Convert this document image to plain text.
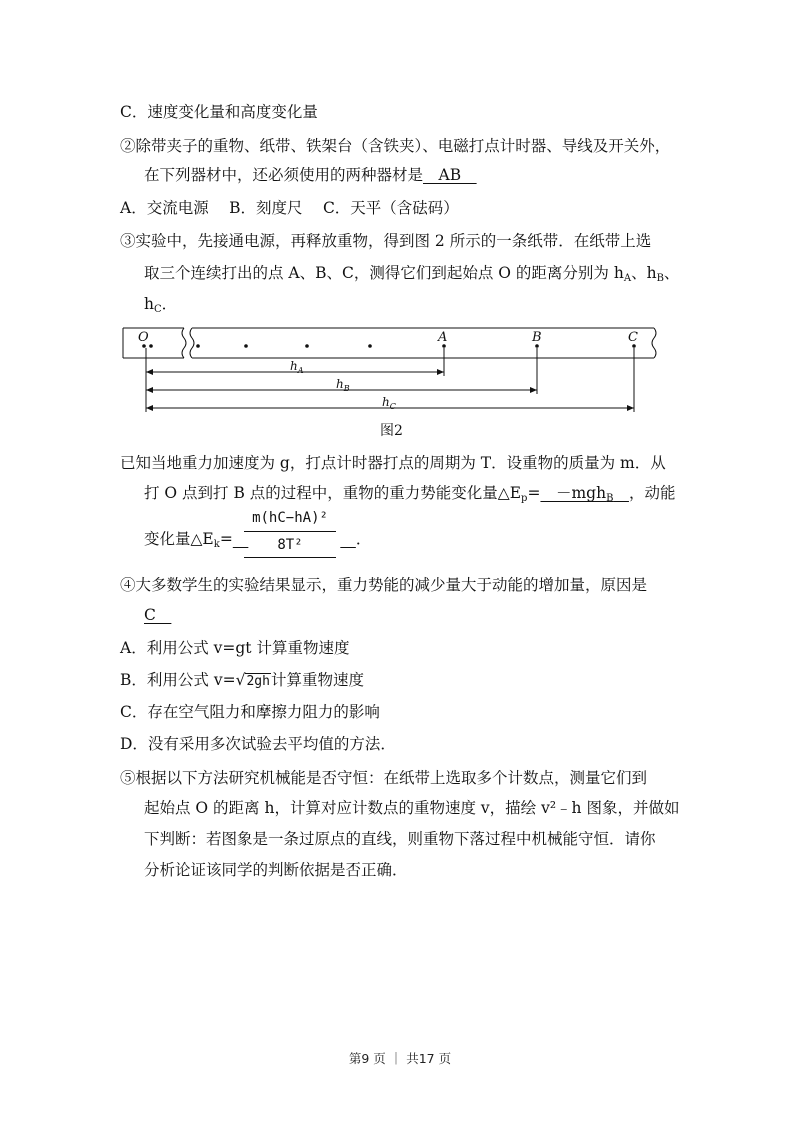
C．速度变化量和高度变化量
②除带夹子的重物、纸带、铁架台（含铁夹）、电磁打点计时器、导线及开关外，
在下列器材中，还必须使用的两种器材是　AB　
A．交流电源　 B．刻度尺　 C．天平（含砝码）
③实验中，先接通电源，再释放重物，得到图 2 所示的一条纸带．在纸带上选
取三个连续打出的点 A、B、C，测得它们到起始点 O 的距离分别为 $h_A$、$h_B$、
$h_C$．
O	A	B	C
$h_A$
$h_B$
$h_C$
图2
已知当地重力加速度为 g，打点计时器打点的周期为 T．设重物的质量为 m．从
打 O 点到打 B 点的过程中，重物的重力势能变化量$\triangle E_p=$　－mgh$_B$　 ，动能
变化量$\triangle E_k=$　　	．
$\frac{\text{m(hC−hA)²}}{\text{8T²}}$
④大多数学生的实验结果显示，重力势能的减少量大于动能的增加量，原因是
C　
A．利用公式 v=gt 计算重物速度
B．利用公式 v=√2gh计算重物速度
C．存在空气阻力和摩擦力阻力的影响
D．没有采用多次试验去平均值的方法．
⑤根据以下方法研究机械能是否守恒：在纸带上选取多个计数点，测量它们到
起始点 O 的距离 h，计算对应计数点的重物速度 v，描绘 v²﹣h 图象，并做如
下判断：若图象是一条过原点的直线，则重物下落过程中机械能守恒．请你
分析论证该同学的判断依据是否正确．
第9 页 ｜ 共17 页
